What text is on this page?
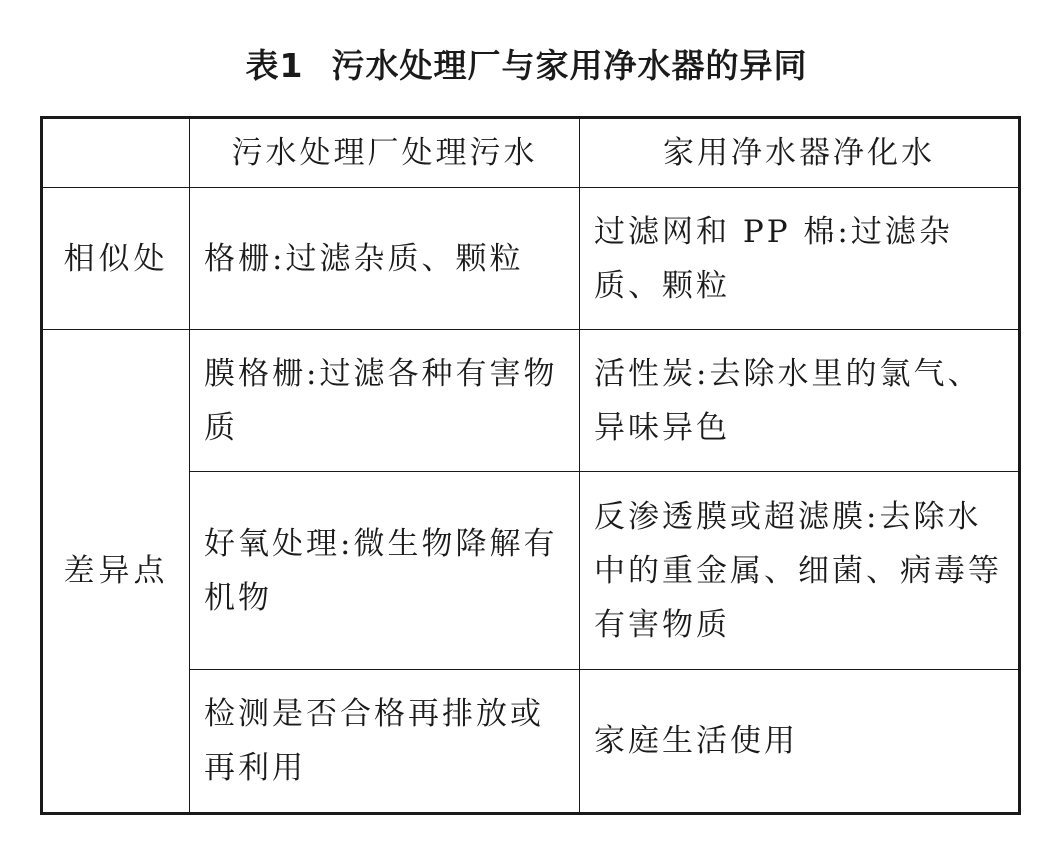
表1 污水处理厂与家用净水器的异同
	污水处理厂处理污水	家用净水器净化水
相似处	格栅:过滤杂质、颗粒	过滤网和 PP 棉:过滤杂质、颗粒
差异点	膜格栅:过滤各种有害物质	活性炭:去除水里的氯气、异味异色
	好氧处理:微生物降解有机物	反渗透膜或超滤膜:去除水中的重金属、细菌、病毒等有害物质
	检测是否合格再排放或再利用	家庭生活使用
